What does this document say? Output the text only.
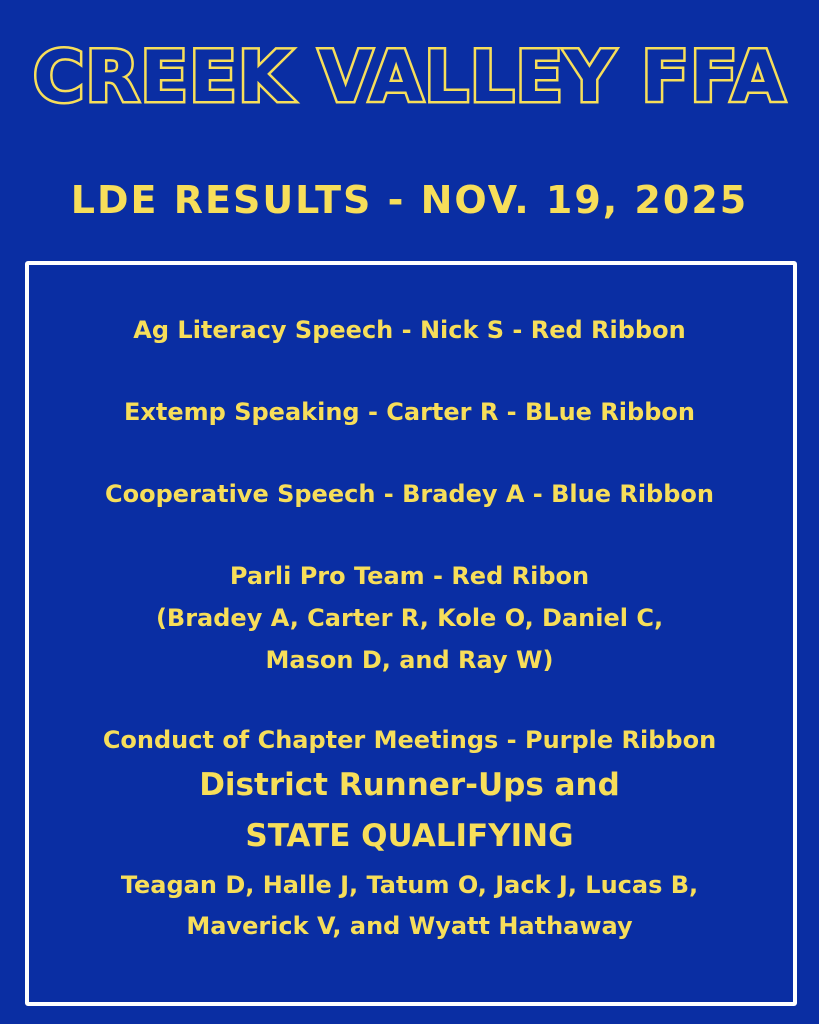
CREEK VALLEY FFA
LDE RESULTS - NOV. 19, 2025
Ag Literacy Speech - Nick S - Red Ribbon
Extemp Speaking - Carter R - BLue Ribbon
Cooperative Speech - Bradey A - Blue Ribbon
Parli Pro Team - Red Ribon
(Bradey A, Carter R, Kole O, Daniel C,
Mason D, and Ray W)
Conduct of Chapter Meetings - Purple Ribbon
District Runner-Ups and
STATE QUALIFYING
Teagan D, Halle J, Tatum O, Jack J, Lucas B,
Maverick V, and Wyatt Hathaway
